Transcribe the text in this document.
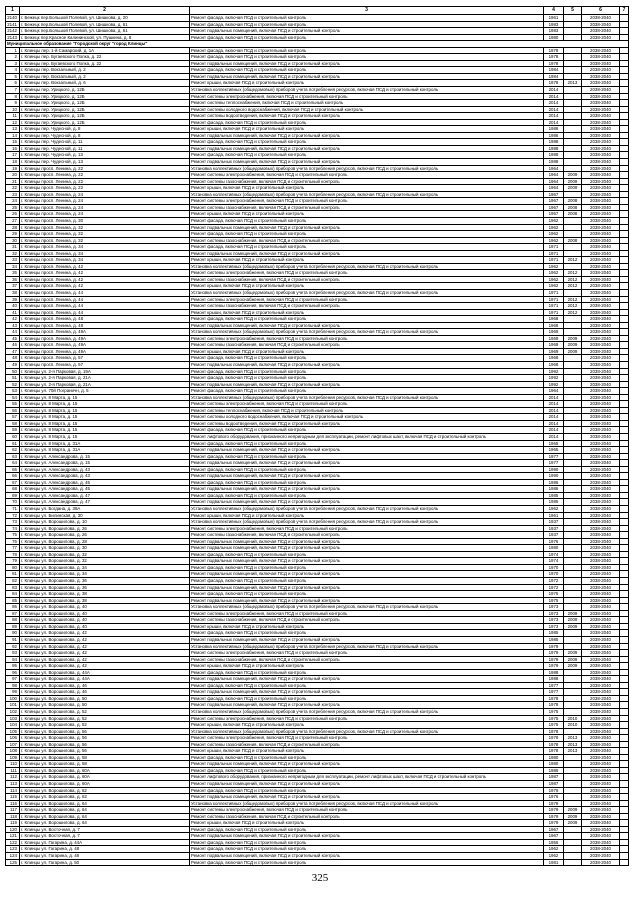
1	2	3	4	5	6	7
2140	г. Бежецк пер.Большой Полевой, ул. Шишкова, д. 20	Ремонт фасада, включая ПСД и строительный контроль	1961		2038-2040	
2141	г. Бежецк пер.Большой Полевой, ул. Шишкова, д. 61	Ремонт фасада, включая ПСД и строительный контроль	1983		2038-2040	
2142	г. Бежецк пер.Большой Полевой, ул. Шишкова, д. 61	Ремонт подвальных помещений, включая ПСД и строительный контроль	1983		2038-2040	
2143	г. Бежецк пер.Красное Калининской, ул. Пушкина, д. 8	Ремонт фасада, включая ПСД и строительный контроль	1980		2038-2040	
Муниципальное образование "Городской округ "город Клинцы"						
1	г. Клинцы пер. 1-й Самарский, д. 1А	Ремонт фасада, включая ПСД и строительный контроль	1978		2038-2040	
2	г. Клинцы пер. Бугаевского Полка, д. 22	Ремонт фасада, включая ПСД и строительный контроль	1978		2038-2040	
3	г. Клинцы пер. Бугаевского Полка, д. 22	Ремонт подвальных помещений, включая ПСД и строительный контроль	1978		2038-2040	
4	г. Клинцы пер. Вокзальный, д. 2	Ремонт фасада, включая ПСД и строительный контроль	1984		2038-2040	
5	г. Клинцы пер. Вокзальный, д. 2	Ремонт подвальных помещений, включая ПСД и строительный контроль	1984		2038-2040	
6	г. Клинцы пер. Вокзальный, д. 6	Ремонт крыши, включая ПСД и строительный контроль	1978	2013	2038-2040	
7	г. Клинцы пер. Урицкого, д. 12Б	Установка коллективных (общедомовых) приборов учета потребления ресурсов, включая ПСД и строительный контроль	2014		2038-2040	
8	г. Клинцы пер. Урицкого, д. 12Б	Ремонт системы электроснабжения, включая ПСД и строительный контроль	2014		2038-2040	
9	г. Клинцы пер. Урицкого, д. 12Б	Ремонт системы теплоснабжения, включая ПСД и строительный контроль	2014		2038-2040	
10	г. Клинцы пер. Урицкого, д. 12Б	Ремонт системы холодного водоснабжения, включая ПСД и строительный контроль	2014		2038-2040	
11	г. Клинцы пер. Урицкого, д. 12Б	Ремонт системы водоотведения, включая ПСД и строительный контроль	2014		2038-2040	
12	г. Клинцы пер. Урицкого, д. 12Б	Ремонт фасада, включая ПСД и строительный контроль	2014		2038-2040	
13	г. Клинцы пер. Чудесной, д. 8	Ремонт крыши, включая ПСД и строительный контроль	1986		2038-2040	
14	г. Клинцы пер. Чудесной, д. 8	Ремонт подвальных помещений, включая ПСД и строительный контроль	1986		2038-2040	
15	г. Клинцы пер. Чудесной, д. 11	Ремонт фасада, включая ПСД и строительный контроль	1988		2038-2040	
16	г. Клинцы пер. Чудесной, д. 11	Ремонт подвальных помещений, включая ПСД и строительный контроль	1988		2038-2040	
17	г. Клинцы пер. Чудесной, д. 13	Ремонт фасада, включая ПСД и строительный контроль	1988		2038-2040	
18	г. Клинцы пер. Чудесной, д. 13	Ремонт подвальных помещений, включая ПСД и строительный контроль	1988		2038-2040	
19	г. Клинцы просп. Ленина, д. 22	Установка коллективных (общедомовых) приборов учета потребления ресурсов, включая ПСД и строительный контроль	1964		2038-2040	
20	г. Клинцы просп. Ленина, д. 22	Ремонт системы электроснабжения, включая ПСД и строительный контроль	1964	2009	2038-2040	
21	г. Клинцы просп. Ленина, д. 22	Ремонт системы газоснабжения, включая ПСД и строительный контроль	1964	2009	2038-2040	
22	г. Клинцы просп. Ленина, д. 22	Ремонт крыши, включая ПСД и строительный контроль	1964	2009	2038-2040	
23	г. Клинцы просп. Ленина, д. 24	Установка коллективных (общедомовых) приборов учета потребления ресурсов, включая ПСД и строительный контроль	1967		2038-2040	
24	г. Клинцы просп. Ленина, д. 24	Ремонт системы электроснабжения, включая ПСД и строительный контроль	1967	2008	2038-2040	
25	г. Клинцы просп. Ленина, д. 24	Ремонт системы газоснабжения, включая ПСД и строительный контроль	1967	2008	2038-2040	
26	г. Клинцы просп. Ленина, д. 24	Ремонт крыши, включая ПСД и строительный контроль	1967	2008	2038-2040	
27	г. Клинцы просп. Ленина, д. 30	Ремонт фасада, включая ПСД и строительный контроль	1962		2038-2040	
28	г. Клинцы просп. Ленина, д. 32	Ремонт подвальных помещений, включая ПСД и строительный контроль	1962		2038-2040	
29	г. Клинцы просп. Ленина, д. 32	Ремонт фасада, включая ПСД и строительный контроль	1962		2038-2040	
30	г. Клинцы просп. Ленина, д. 32	Ремонт системы газоснабжения, включая ПСД и строительный контроль	1962	2008	2038-2040	
31	г. Клинцы просп. Ленина, д. 34	Ремонт фасада, включая ПСД и строительный контроль	1971		2038-2040	
32	г. Клинцы просп. Ленина, д. 34	Ремонт подвальных помещений, включая ПСД и строительный контроль	1971		2038-2040	
33	г. Клинцы просп. Ленина, д. 34	Ремонт крыши, включая ПСД и строительный контроль	1971	2012	2038-2040	
34	г. Клинцы просп. Ленина, д. 42	Установка коллективных (общедомовых) приборов учета потребления ресурсов, включая ПСД и строительный контроль	1962		2038-2040	
35	г. Клинцы просп. Ленина, д. 42	Ремонт системы электроснабжения, включая ПСД и строительный контроль	1962	2012	2038-2040	
36	г. Клинцы просп. Ленина, д. 42	Ремонт системы газоснабжения, включая ПСД и строительный контроль	1962	2012	2038-2040	
37	г. Клинцы просп. Ленина, д. 42	Ремонт крыши, включая ПСД и строительный контроль	1962	2012	2038-2040	
38	г. Клинцы просп. Ленина, д. 44	Установка коллективных (общедомовых) приборов учета потребления ресурсов, включая ПСД и строительный контроль	1971		2038-2040	
39	г. Клинцы просп. Ленина, д. 44	Ремонт системы электроснабжения, включая ПСД и строительный контроль	1971	2012	2038-2040	
40	г. Клинцы просп. Ленина, д. 44	Ремонт системы газоснабжения, включая ПСД и строительный контроль	1971	2012	2038-2040	
41	г. Клинцы просп. Ленина, д. 44	Ремонт крыши, включая ПСД и строительный контроль	1971	2012	2038-2040	
42	г. Клинцы просп. Ленина, д. 48	Ремонт фасада, включая ПСД и строительный контроль	1968		2038-2040	
43	г. Клинцы просп. Ленина, д. 48	Ремонт подвальных помещений, включая ПСД и строительный контроль	1968		2038-2040	
44	г. Клинцы просп. Ленина, д. 49А	Установка коллективных (общедомовых) приборов учета потребления ресурсов, включая ПСД и строительный контроль	1969		2038-2040	
45	г. Клинцы просп. Ленина, д. 49А	Ремонт системы электроснабжения, включая ПСД и строительный контроль	1969	2009	2038-2040	
46	г. Клинцы просп. Ленина, д. 49А	Ремонт системы газоснабжения, включая ПСД и строительный контроль	1969	2009	2038-2040	
47	г. Клинцы просп. Ленина, д. 49А	Ремонт крыши, включая ПСД и строительный контроль	1969	2009	2038-2040	
48	г. Клинцы просп. Ленина, д. 57	Ремонт фасада, включая ПСД и строительный контроль	1968		2038-2040	
49	г. Клинцы просп. Ленина, д. 57	Ремонт подвальных помещений, включая ПСД и строительный контроль	1968		2038-2040	
50	г. Клинцы ул. 2-я Парковая, д. 19А	Ремонт фасада, включая ПСД и строительный контроль	1992		2038-2040	
51	г. Клинцы ул. 2-я Парковая, д. 21А	Ремонт фасада, включая ПСД и строительный контроль	1992		2038-2040	
52	г. Клинцы ул. 2-я Парковая, д. 21А	Ремонт подвальных помещений, включая ПСД и строительный контроль	1992		2038-2040	
53	г. Клинцы ул. 70й Пограничн, д. 5	Ремонт фасада, включая ПСД и строительный контроль	1964		2038-2040	
54	г. Клинцы ул. 8 Марта, д. 15	Установка коллективных (общедомовых) приборов учета потребления ресурсов, включая ПСД и строительный контроль	2014		2038-2040	
55	г. Клинцы ул. 8 Марта, д. 15	Ремонт системы электроснабжения, включая ПСД и строительный контроль	2014		2038-2040	
56	г. Клинцы ул. 8 Марта, д. 15	Ремонт системы теплоснабжения, включая ПСД и строительный контроль	2014		2038-2040	
57	г. Клинцы ул. 8 Марта, д. 15	Ремонт системы холодного водоснабжения, включая ПСД и строительный контроль	2014		2038-2040	
58	г. Клинцы ул. 8 Марта, д. 15	Ремонт системы водоотведения, включая ПСД и строительный контроль	2014		2038-2040	
59	г. Клинцы ул. 8 Марта, д. 15	Ремонт фасада, включая ПСД и строительный контроль	2014		2038-2040	
60	г. Клинцы ул. 8 Марта, д. 15	Ремонт лифтового оборудования, признанного непригодным для эксплуатации, ремонт лифтовых шахт, включая ПСД и строительный контроль	2014		2038-2040	
61	г. Клинцы ул. 8 Марта, д. 31А	Ремонт фасада, включая ПСД и строительный контроль	1965		2038-2040	
62	г. Клинцы ул. 8 Марта, д. 31А	Ремонт подвальных помещений, включая ПСД и строительный контроль	1965		2038-2040	
63	г. Клинцы ул. Александрова, д. 15	Ремонт фасада, включая ПСД и строительный контроль	1977		2038-2040	
64	г. Клинцы ул. Александрова, д. 15	Ремонт подвальных помещений, включая ПСД и строительный контроль	1977		2038-2040	
65	г. Клинцы ул. Александрова, д. 43	Ремонт фасада, включая ПСД и строительный контроль	1990		2038-2040	
66	г. Клинцы ул. Александрова, д. 43	Ремонт подвальных помещений, включая ПСД и строительный контроль	1990		2038-2040	
67	г. Клинцы ул. Александрова, д. 45	Ремонт фасада, включая ПСД и строительный контроль	1986		2038-2040	
68	г. Клинцы ул. Александрова, д. 45	Ремонт подвальных помещений, включая ПСД и строительный контроль	1986		2038-2040	
69	г. Клинцы ул. Александрова, д. 47	Ремонт фасада, включая ПСД и строительный контроль	1985		2038-2040	
70	г. Клинцы ул. Александрова, д. 47	Ремонт подвальных помещений, включая ПСД и строительный контроль	1985		2038-2040	
71	г. Клинцы ул. Богдана, д. 38А	Установка коллективных (общедомовых) приборов учета потребления ресурсов, включая ПСД и строительный контроль	1962		2038-2040	
72	г. Клинцы ул. Билинская, д. 30	Ремонт крыши, включая ПСД и строительный контроль	1961		2038-2040	
73	г. Клинцы ул. Ворошилова, д. 10	Установка коллективных (общедомовых) приборов учета потребления ресурсов, включая ПСД и строительный контроль	1937		2038-2040	
74	г. Клинцы ул. Ворошилова, д. 26	Ремонт системы электроснабжения, включая ПСД и строительный контроль	1937		2038-2040	
75	г. Клинцы ул. Ворошилова, д. 26	Ремонт системы газоснабжения, включая ПСД и строительный контроль	1937		2038-2040	
76	г. Клинцы ул. Ворошилова, д. 28	Ремонт подвальных помещений, включая ПСД и строительный контроль	1976		2038-2040	
77	г. Клинцы ул. Ворошилова, д. 30	Ремонт подвальных помещений, включая ПСД и строительный контроль	1980		2038-2040	
78	г. Клинцы ул. Ворошилова, д. 32	Ремонт фасада, включая ПСД и строительный контроль	1974		2038-2040	
79	г. Клинцы ул. Ворошилова, д. 32	Ремонт подвальных помещений, включая ПСД и строительный контроль	1974		2038-2040	
80	г. Клинцы ул. Ворошилова, д. 34	Ремонт фасада, включая ПСД и строительный контроль	1970		2038-2040	
81	г. Клинцы ул. Ворошилова, д. 34	Ремонт подвальных помещений, включая ПСД и строительный контроль	1970		2038-2040	
82	г. Клинцы ул. Ворошилова, д. 36	Ремонт фасада, включая ПСД и строительный контроль	1972		2038-2040	
83	г. Клинцы ул. Ворошилова, д. 36	Ремонт подвальных помещений, включая ПСД и строительный контроль	1972		2038-2040	
84	г. Клинцы ул. Ворошилова, д. 38	Ремонт фасада, включая ПСД и строительный контроль	1975		2038-2040	
85	г. Клинцы ул. Ворошилова, д. 38	Ремонт подвальных помещений, включая ПСД и строительный контроль	1975		2038-2040	
86	г. Клинцы ул. Ворошилова, д. 40	Установка коллективных (общедомовых) приборов учета потребления ресурсов, включая ПСД и строительный контроль	1973		2038-2040	
87	г. Клинцы ул. Ворошилова, д. 40	Ремонт системы электроснабжения, включая ПСД и строительный контроль	1973	2009	2038-2040	
88	г. Клинцы ул. Ворошилова, д. 40	Ремонт системы газоснабжения, включая ПСД и строительный контроль	1973	2009	2038-2040	
89	г. Клинцы ул. Ворошилова, д. 40	Ремонт крыши, включая ПСД и строительный контроль	1973	2009	2038-2040	
90	г. Клинцы ул. Ворошилова, д. 42	Ремонт фасада, включая ПСД и строительный контроль	1985		2038-2040	
91	г. Клинцы ул. Ворошилова, д. 42	Ремонт подвальных помещений, включая ПСД и строительный контроль	1985		2038-2040	
92	г. Клинцы ул. Ворошилова, д. 42	Установка коллективных (общедомовых) приборов учета потребления ресурсов, включая ПСД и строительный контроль	1979		2038-2040	
93	г. Клинцы ул. Ворошилова, д. 42	Ремонт системы электроснабжения, включая ПСД и строительный контроль	1979	2009	2038-2040	
94	г. Клинцы ул. Ворошилова, д. 42	Ремонт системы газоснабжения, включая ПСД и строительный контроль	1979	2009	2038-2040	
95	г. Клинцы ул. Ворошилова, д. 42	Ремонт крыши, включая ПСД и строительный контроль	1979	2009	2038-2040	
96	г. Клинцы ул. Ворошилова, д. 44А	Ремонт фасада, включая ПСД и строительный контроль	1988		2038-2040	
97	г. Клинцы ул. Ворошилова, д. 44А	Ремонт подвальных помещений, включая ПСД и строительный контроль	1988		2038-2040	
98	г. Клинцы ул. Ворошилова, д. 46	Ремонт фасада, включая ПСД и строительный контроль	1977		2038-2040	
99	г. Клинцы ул. Ворошилова, д. 46	Ремонт подвальных помещений, включая ПСД и строительный контроль	1977		2038-2040	
100	г. Клинцы ул. Ворошилова, д. 50	Ремонт фасада, включая ПСД и строительный контроль	1978		2038-2040	
101	г. Клинцы ул. Ворошилова, д. 50	Ремонт подвальных помещений, включая ПСД и строительный контроль	1978		2038-2040	
102	г. Клинцы ул. Ворошилова, д. 52	Установка коллективных (общедомовых) приборов учета потребления ресурсов, включая ПСД и строительный контроль	1975		2038-2040	
103	г. Клинцы ул. Ворошилова, д. 52	Ремонт системы электроснабжения, включая ПСД и строительный контроль	1975	2010	2038-2040	
104	г. Клинцы ул. Ворошилова, д. 52	Ремонт крыши, включая ПСД и строительный контроль	1975	2010	2038-2040	
105	г. Клинцы ул. Ворошилова, д. 56	Установка коллективных (общедомовых) приборов учета потребления ресурсов, включая ПСД и строительный контроль	1978		2038-2040	
106	г. Клинцы ул. Ворошилова, д. 56	Ремонт системы электроснабжения, включая ПСД и строительный контроль	1978	2013	2038-2040	
107	г. Клинцы ул. Ворошилова, д. 56	Ремонт системы газоснабжения, включая ПСД и строительный контроль	1978	2013	2038-2040	
108	г. Клинцы ул. Ворошилова, д. 56	Ремонт крыши, включая ПСД и строительный контроль	1978	2013	2038-2040	
109	г. Клинцы ул. Ворошилова, д. 58	Ремонт фасада, включая ПСД и строительный контроль	1980		2038-2040	
110	г. Клинцы ул. Ворошилова, д. 58	Ремонт подвальных помещений, включая ПСД и строительный контроль	1980		2038-2040	
111	г. Клинцы ул. Ворошилова, д. 60А	Ремонт фасада, включая ПСД и строительный контроль	1986		2038-2040	
112	г. Клинцы ул. Ворошилова, д. 60А	Ремонт лифтового оборудования, признанного непригодным для эксплуатации, ремонт лифтовых шахт, включая ПСД и строительный контроль	1987		2038-2040	
113	г. Клинцы ул. Ворошилова, д. 60А	Ремонт подвальных помещений, включая ПСД и строительный контроль	1987		2038-2040	
114	г. Клинцы ул. Ворошилова, д. 62	Ремонт фасада, включая ПСД и строительный контроль	1976		2038-2040	
115	г. Клинцы ул. Ворошилова, д. 62	Ремонт подвальных помещений, включая ПСД и строительный контроль	1976		2038-2040	
116	г. Клинцы ул. Ворошилова, д. 64	Установка коллективных (общедомовых) приборов учета потребления ресурсов, включая ПСД и строительный контроль	1979		2038-2040	
117	г. Клинцы ул. Ворошилова, д. 64	Ремонт системы электроснабжения, включая ПСД и строительный контроль	1979	2009	2038-2040	
118	г. Клинцы ул. Ворошилова, д. 64	Ремонт системы газоснабжения, включая ПСД и строительный контроль	1979	2009	2038-2040	
119	г. Клинцы ул. Ворошилова, д. 64	Ремонт крыши, включая ПСД и строительный контроль	1979	2009	2038-2040	
120	г. Клинцы ул. Восточная, д. 7	Ремонт фасада, включая ПСД и строительный контроль	1967		2038-2040	
121	г. Клинцы ул. Восточная, д. 7	Ремонт подвальных помещений, включая ПСД и строительный контроль	1967		2038-2040	
122	г. Клинцы ул. Гагарина, д. 44А	Ремонт фасада, включая ПСД и строительный контроль	1956		2038-2040	
123	г. Клинцы ул. Гагарина, д. 48	Ремонт фасада, включая ПСД и строительный контроль	1962		2038-2040	
124	г. Клинцы ул. Гагарина, д. 48	Ремонт подвальных помещений, включая ПСД и строительный контроль	1962		2038-2040	
125	г. Клинцы ул. Гагарина, д. 50	Ремонт фасада, включая ПСД и строительный контроль	1981		2038-2040	
325
